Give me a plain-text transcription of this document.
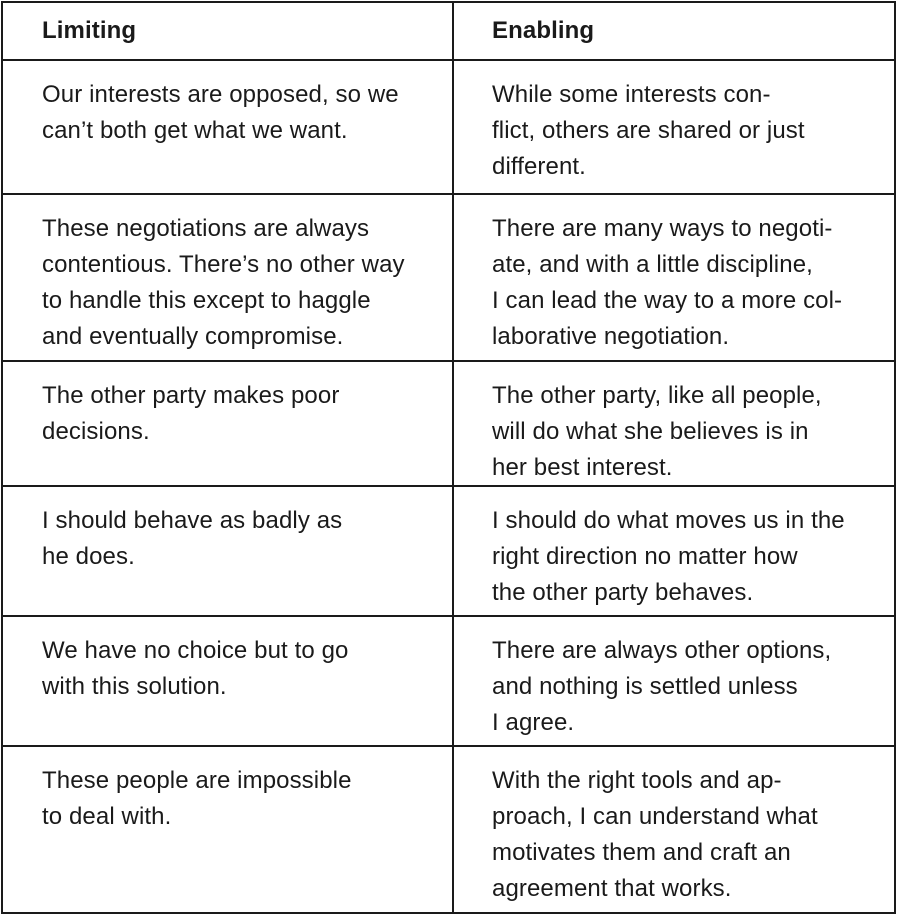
Limiting	Enabling
Our interests are opposed, so we
can’t both get what we want.
While some interests con-
flict, others are shared or just
different.
These negotiations are always
contentious. There’s no other way
to handle this except to haggle
and eventually compromise.
There are many ways to negoti-
ate, and with a little discipline,
I can lead the way to a more col-
laborative negotiation.
The other party makes poor
decisions.
The other party, like all people,
will do what she believes is in
her best interest.
I should behave as badly as
he does.
I should do what moves us in the
right direction no matter how
the other party behaves.
We have no choice but to go
with this solution.
There are always other options,
and nothing is settled unless
I agree.
These people are impossible
to deal with.
With the right tools and ap-
proach, I can understand what
motivates them and craft an
agreement that works.
